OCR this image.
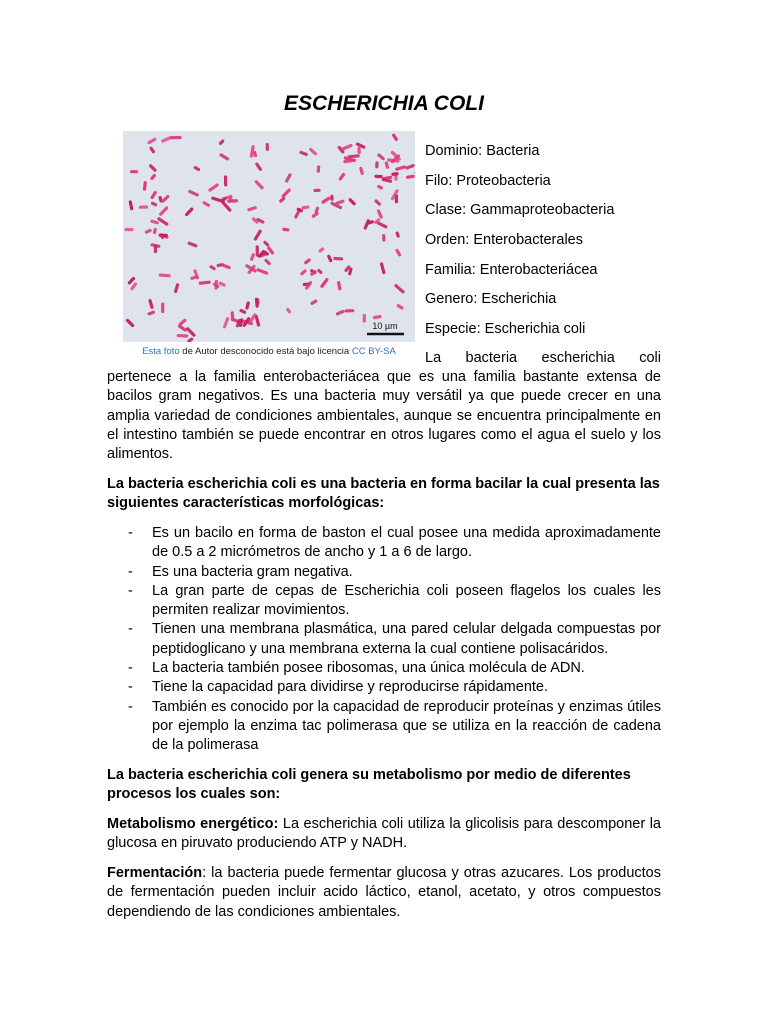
ESCHERICHIA COLI
10 µm
Esta foto de Autor desconocido está bajo licencia CC BY-SA
Dominio: Bacteria
Filo: Proteobacteria
Clase: Gammaproteobacteria
Orden: Enterobacterales
Familia: Enterobacteriácea
Genero: Escherichia
Especie: Escherichia coli
La bacteria escherichia coli

pertenece a la familia enterobacteriácea que es una familia bastante extensa de bacilos gram negativos. Es una bacteria muy versátil ya que puede crecer en una amplia variedad de condiciones ambientales, aunque se encuentra principalmente en el intestino también se puede encontrar en otros lugares como el agua el suelo y los alimentos.

La bacteria escherichia coli es una bacteria en forma bacilar la cual presenta las siguientes características morfológicas:

- Es un bacilo en forma de baston el cual posee una medida aproximadamente de 0.5 a 2 micrómetros de ancho y 1 a 6 de largo.
- Es una bacteria gram negativa.
- La gran parte de cepas de Escherichia coli poseen flagelos los cuales les permiten realizar movimientos.
- Tienen una membrana plasmática, una pared celular delgada compuestas por peptidoglicano y una membrana externa la cual contiene polisacáridos.
- La bacteria también posee ribosomas, una única molécula de ADN.
- Tiene la capacidad para dividirse y reproducirse rápidamente.
- También es conocido por la capacidad de reproducir proteínas y enzimas útiles por ejemplo la enzima tac polimerasa que se utiliza en la reacción de cadena de la polimerasa

La bacteria escherichia coli genera su metabolismo por medio de diferentes procesos los cuales son:

Metabolismo energético: La escherichia coli utiliza la glicolisis para descomponer la glucosa en piruvato produciendo ATP y NADH.

Fermentación: la bacteria puede fermentar glucosa y otras azucares. Los productos de fermentación pueden incluir acido láctico, etanol, acetato, y otros compuestos dependiendo de las condiciones ambientales.
